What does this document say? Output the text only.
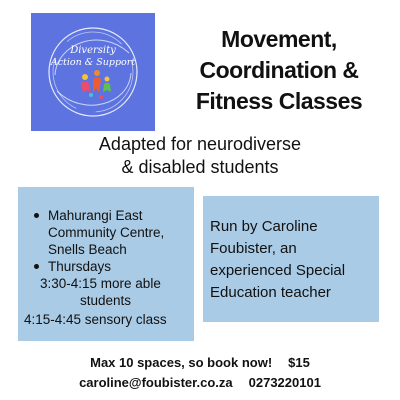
Diversity
Action & Support
Movement,
Coordination &
Fitness Classes
Adapted for neurodiverse
& disabled students
Mahurangi East
Community Centre,
Snells Beach
Thursdays
3:30-4:15 more able
students
4:15-4:45 sensory class
Run by Caroline
Foubister, an
experienced Special
Education teacher
Max 10 spaces, so book now! $15
caroline@foubister.co.za 0273220101
